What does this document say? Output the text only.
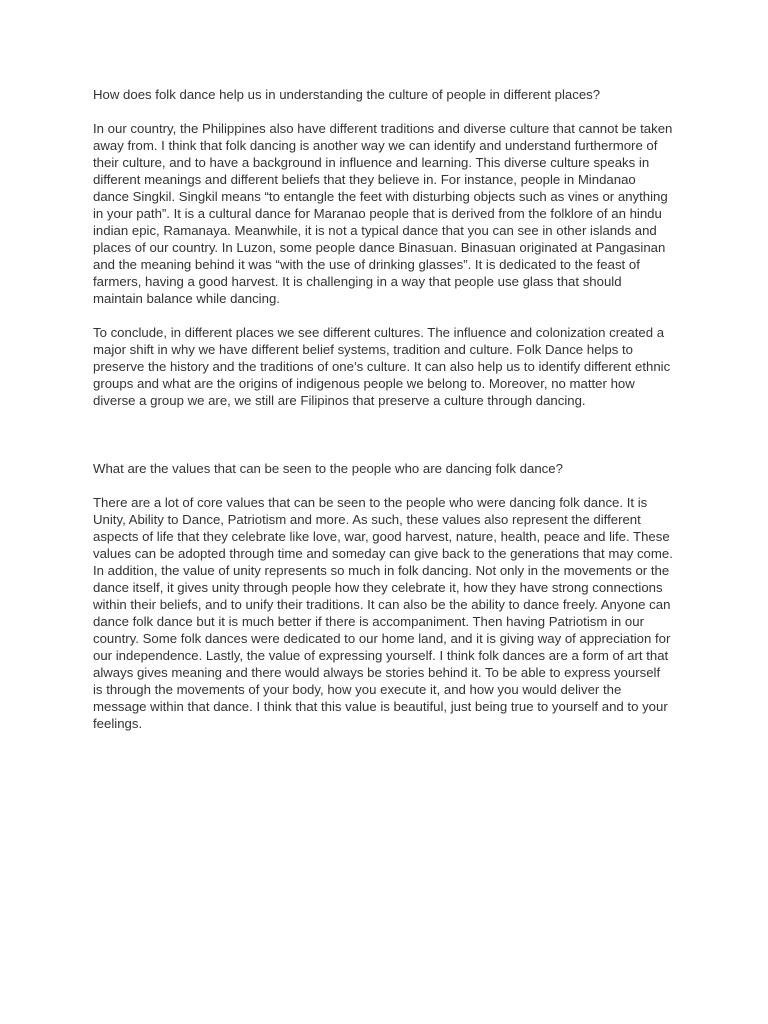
How does folk dance help us in understanding the culture of people in different places?

In our country, the Philippines also have different traditions and diverse culture that cannot be taken away from. I think that folk dancing is another way we can identify and understand furthermore of their culture, and to have a background in influence and learning. This diverse culture speaks in different meanings and different beliefs that they believe in. For instance, people in Mindanao dance Singkil. Singkil means “to entangle the feet with disturbing objects such as vines or anything in your path”. It is a cultural dance for Maranao people that is derived from the folklore of an hindu indian epic, Ramanaya. Meanwhile, it is not a typical dance that you can see in other islands and places of our country. In Luzon, some people dance Binasuan. Binasuan originated at Pangasinan and the meaning behind it was “with the use of drinking glasses”. It is dedicated to the feast of farmers, having a good harvest. It is challenging in a way that people use glass that should maintain balance while dancing.

To conclude, in different places we see different cultures. The influence and colonization created a major shift in why we have different belief systems, tradition and culture. Folk Dance helps to preserve the history and the traditions of one’s culture. It can also help us to identify different ethnic groups and what are the origins of indigenous people we belong to. Moreover, no matter how diverse a group we are, we still are Filipinos that preserve a culture through dancing.

What are the values that can be seen to the people who are dancing folk dance?

There are a lot of core values that can be seen to the people who were dancing folk dance. It is Unity, Ability to Dance, Patriotism and more. As such, these values also represent the different aspects of life that they celebrate like love, war, good harvest, nature, health, peace and life. These values can be adopted through time and someday can give back to the generations that may come. In addition, the value of unity represents so much in folk dancing. Not only in the movements or the dance itself, it gives unity through people how they celebrate it, how they have strong connections within their beliefs, and to unify their traditions. It can also be the ability to dance freely. Anyone can dance folk dance but it is much better if there is accompaniment. Then having Patriotism in our country. Some folk dances were dedicated to our home land, and it is giving way of appreciation for our independence. Lastly, the value of expressing yourself. I think folk dances are a form of art that always gives meaning and there would always be stories behind it. To be able to express yourself is through the movements of your body, how you execute it, and how you would deliver the message within that dance. I think that this value is beautiful, just being true to yourself and to your feelings.
